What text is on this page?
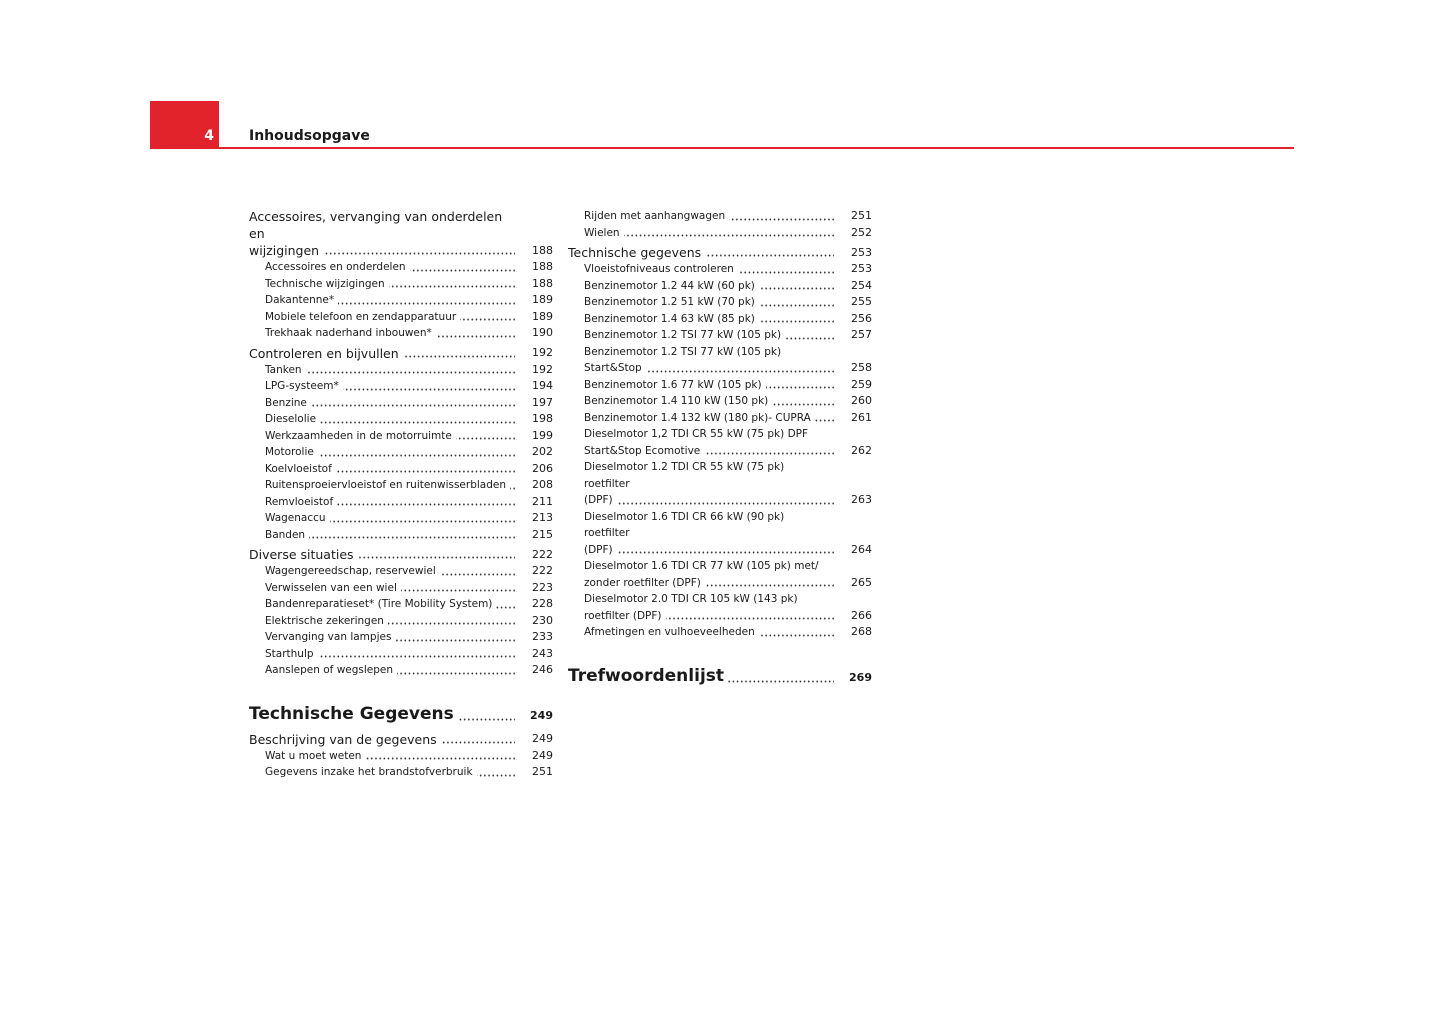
4	Inhoudsopgave
Accessoires, vervanging van onderdelen en
wijzigingen	188
Accessoires en onderdelen	188
Technische wijzigingen	188
Dakantenne*	189
Mobiele telefoon en zendapparatuur	189
Trekhaak naderhand inbouwen*	190
Controleren en bijvullen	192
Tanken	192
LPG-systeem*	194
Benzine	197
Dieselolie	198
Werkzaamheden in de motorruimte	199
Motorolie	202
Koelvloeistof	206
Ruitensproeiervloeistof en ruitenwisserbladen	208
Remvloeistof	211
Wagenaccu	213
Banden	215
Diverse situaties	222
Wagengereedschap, reservewiel	222
Verwisselen van een wiel	223
Bandenreparatieset* (Tire Mobility System)	228
Elektrische zekeringen	230
Vervanging van lampjes	233
Starthulp	243
Aanslepen of wegslepen	246
Technische Gegevens	249
Beschrijving van de gegevens	249
Wat u moet weten	249
Gegevens inzake het brandstofverbruik	251
Rijden met aanhangwagen	251
Wielen	252
Technische gegevens	253
Vloeistofniveaus controleren	253
Benzinemotor 1.2 44 kW (60 pk)	254
Benzinemotor 1.2 51 kW (70 pk)	255
Benzinemotor 1.4 63 kW (85 pk)	256
Benzinemotor 1.2 TSI 77 kW (105 pk)	257
Benzinemotor 1.2 TSI 77 kW (105 pk) Start&Stop	258
Benzinemotor 1.6 77 kW (105 pk)	259
Benzinemotor 1.4 110 kW (150 pk)	260
Benzinemotor 1.4 132 kW (180 pk)- CUPRA	261
Dieselmotor 1,2 TDI CR 55 kW (75 pk) DPF
Start&Stop Ecomotive	262
Dieselmotor 1.2 TDI CR 55 kW (75 pk) roetfilter
(DPF)	263
Dieselmotor 1.6 TDI CR 66 kW (90 pk) roetfilter
(DPF)	264
Dieselmotor 1.6 TDI CR 77 kW (105 pk) met/
zonder roetfilter (DPF)	265
Dieselmotor 2.0 TDI CR 105 kW (143 pk)
roetfilter (DPF)	266
Afmetingen en vulhoeveelheden	268
Trefwoordenlijst	269
